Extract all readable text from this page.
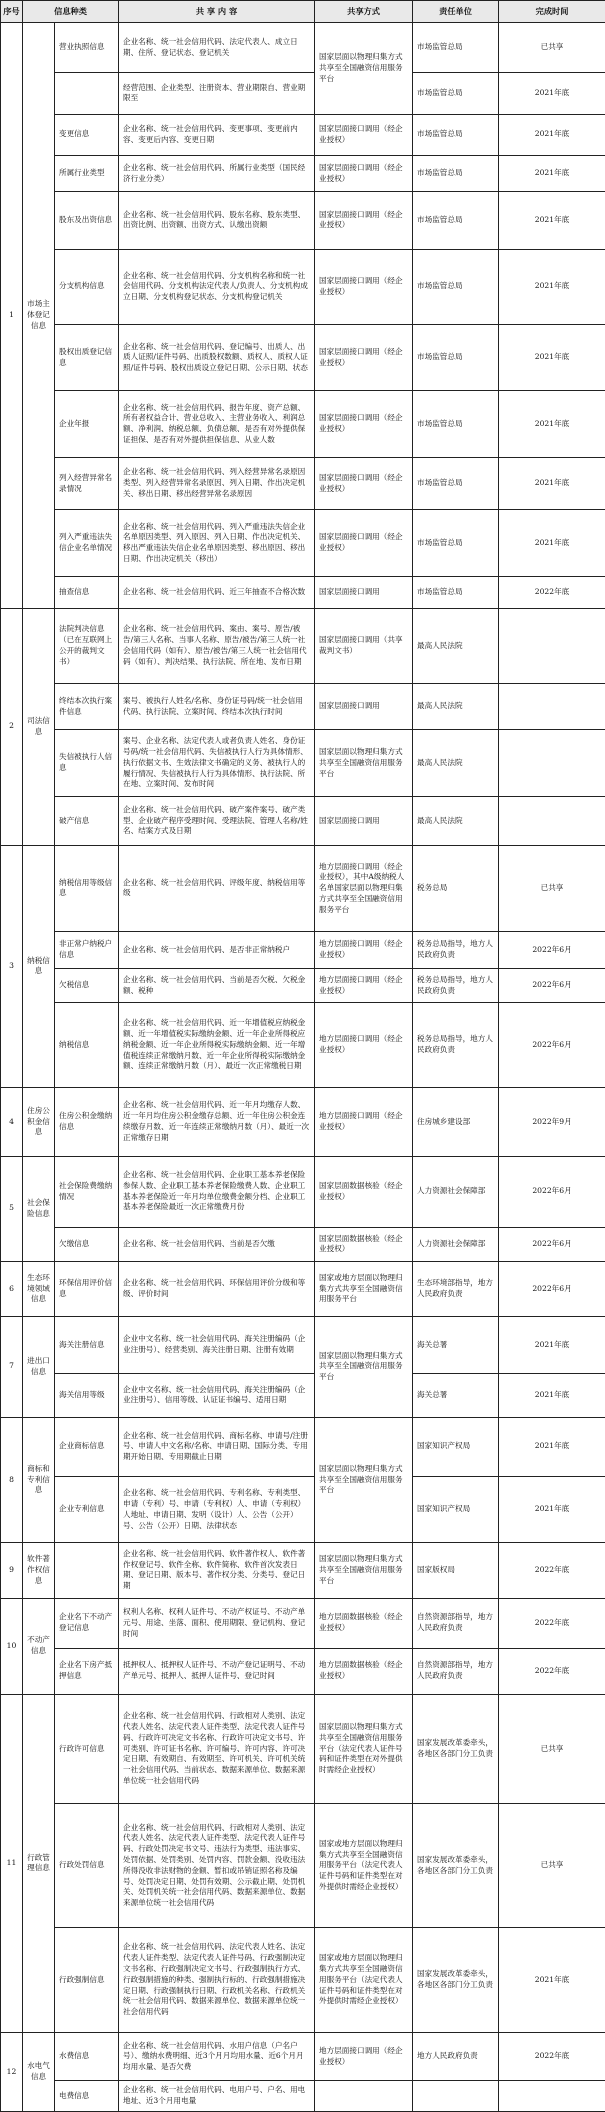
序号	信息种类		共 享 内 容	共享方式	责任单位	完成时间
1	市场主体登记信息	营业执照信息	企业名称、统一社会信用代码、法定代表人、成立日期、住所、登记状态、登记机关	国家层面以物理归集方式共享至全国融资信用服务平台	市场监管总局	已共享
			经营范围、企业类型、注册资本、营业期限自、营业期限至		市场监管总局	2021年底
		变更信息	企业名称、统一社会信用代码、变更事项、变更前内容、变更后内容、变更日期	国家层面接口调用（经企业授权）	市场监管总局	2021年底
		所属行业类型	企业名称、统一社会信用代码、所属行业类型（国民经济行业分类）	国家层面接口调用（经企业授权）	市场监管总局	2021年底
		股东及出资信息	企业名称、统一社会信用代码、股东名称、股东类型、出资比例、出资额、出资方式、认缴出资额	国家层面接口调用（经企业授权）	市场监管总局	2021年底
		分支机构信息	企业名称、统一社会信用代码、分支机构名称和统一社会信用代码、分支机构法定代表人/负责人、分支机构成立日期、分支机构登记状态、分支机构登记机关	国家层面接口调用（经企业授权）	市场监管总局	2021年底
		股权出质登记信息	企业名称、统一社会信用代码、登记编号、出质人、出质人证照/证件号码、出质股权数额、质权人、质权人证照/证件号码、股权出质设立登记日期、公示日期、状态	国家层面接口调用（经企业授权）	市场监管总局	2021年底
		企业年报	企业名称、统一社会信用代码、报告年度、资产总额、所有者权益合计、营业总收入、主营业务收入、利润总额、净利润、纳税总额、负债总额、是否有对外提供保证担保、是否有对外提供担保信息、从业人数	国家层面接口调用（经企业授权）	市场监管总局	2021年底
		列入经营异常名录情况	企业名称、统一社会信用代码、列入经营异常名录原因类型、列入经营异常名录原因、列入日期、作出决定机关、移出日期、移出经营异常名录原因	国家层面接口调用（经企业授权）	市场监管总局	2021年底
		列入严重违法失信企业名单情况	企业名称、统一社会信用代码、列入严重违法失信企业名单原因类型、列入原因、列入日期、作出决定机关、移出严重违法失信企业名单原因类型、移出原因、移出日期、作出决定机关（移出）	国家层面接口调用（经企业授权）	市场监管总局	2021年底
		抽查信息	企业名称、统一社会信用代码、近三年抽查不合格次数	国家层面接口调用	市场监管总局	2022年底
2	司法信息	法院判决信息（已在互联网上公开的裁判文书）	企业名称、统一社会信用代码、案由、案号、原告/被告/第三人名称、当事人名称、原告/被告/第三人统一社会信用代码（如有）、原告/被告/第三人统一社会信用代码（如有）、判决结果、执行法院、所在地、发布日期	国家层面接口调用（共享裁判文书）	最高人民法院	
		终结本次执行案件信息	案号、被执行人姓名/名称、身份证号码/统一社会信用代码、执行法院、立案时间、终结本次执行时间	国家层面接口调用	最高人民法院	
		失信被执行人信息	案号、企业名称、法定代表人或者负责人姓名、身份证号码/统一社会信用代码、失信被执行人行为具体情形、执行依据文书、生效法律文书确定的义务、被执行人的履行情况、失信被执行人行为具体情形、执行法院、所在地、立案时间、发布时间	国家层面以物理归集方式共享至全国融资信用服务平台	最高人民法院	
		破产信息	企业名称、统一社会信用代码、破产案件案号、破产类型、企业破产程序受理时间、受理法院、管理人名称/姓名、结案方式及日期	国家层面接口调用	最高人民法院	
3	纳税信息	纳税信用等级信息	企业名称、统一社会信用代码、评级年度、纳税信用等级	地方层面接口调用（经企业授权），其中A级纳税人名单国家层面以物理归集方式共享至全国融资信用服务平台	税务总局	已共享
		非正常户纳税户信息	企业名称、统一社会信用代码、是否非正常纳税户	地方层面接口调用（经企业授权）	税务总局指导，地方人民政府负责	2022年6月
		欠税信息	企业名称、统一社会信用代码、当前是否欠税、欠税金额、税种	地方层面接口调用（经企业授权）	税务总局指导，地方人民政府负责	2022年6月
		纳税信息	企业名称、统一社会信用代码、近一年增值税应纳税金额、近一年增值税实际缴纳金额、近一年企业所得税应纳税金额、近一年企业所得税实际缴纳金额、近一年增值税连续正常缴纳月数、近一年企业所得税实际缴纳金额、连续正常缴纳月数（月）、最近一次正常缴税日期	地方层面接口调用（经企业授权）	税务总局指导，地方人民政府负责	2022年6月
4	住房公积金信息	住房公积金缴纳信息	企业名称、统一社会信用代码、近一年月均缴存人数、近一年月均住房公积金缴存总额、近一年住房公积金连续缴存月数、近一年连续正常缴纳月数（月）、最近一次正常缴存日期	地方层面接口调用（经企业授权）	住房城乡建设部	2022年9月
5	社会保险信息	社会保险费缴纳情况	企业名称、统一社会信用代码、企业职工基本养老保险参保人数、企业职工基本养老保险缴费人数、企业职工基本养老保险近一年月均单位缴费金额分档、企业职工基本养老保险最近一次正常缴费月份	国家层面数据核验（经企业授权）	人力资源社会保障部	2022年6月
		欠缴信息	企业名称、统一社会信用代码、当前是否欠缴	国家层面数据核验（经企业授权）	人力资源社会保障部	2022年6月
6	生态环境领域信息	环保信用评价信息	企业名称、统一社会信用代码、环保信用评价分级和等级、评价时间	国家或地方层面以物理归集方式共享至全国融资信用服务平台	生态环境部指导，地方人民政府负责	2022年6月
7	进出口信息	海关注册信息	企业中文名称、统一社会信用代码、海关注册编码（企业注册号）、经营类别、海关注册日期、注册有效期	国家层面以物理归集方式共享至全国融资信用服务平台	海关总署	2021年底
		海关信用等级	企业中文名称、统一社会信用代码、海关注册编码（企业注册号）、信用等级、认证证书编号、适用日期		海关总署	2021年底
8	商标和专利信息	企业商标信息	企业名称、统一社会信用代码、商标名称、申请号/注册号、申请人中文名称/名称、申请日期、国际分类、专用期开始日期、专用期截止日期	国家层面以物理归集方式共享至全国融资信用服务平台	国家知识产权局	2021年底
		企业专利信息	企业名称、统一社会信用代码、专利名称、专利类型、申请（专利）号、申请（专利权）人、申请（专利权）人地址、申请日期、发明（设计）人、公告（公开）号、公告（公开）日期、法律状态		国家知识产权局	2021年底
9	软件著作权信息		企业名称、统一社会信用代码、软件著作权人、软件著作权登记号、软件全称、软件简称、软件首次发表日期、登记日期、版本号、著作权分类、分类号、登记日期	国家层面以物理归集方式共享至全国融资信用服务平台	国家版权局	2022年底
10	不动产信息	企业名下不动产登记信息	权利人名称、权利人证件号、不动产权证号、不动产单元号、用途、坐落、面积、使用期限、登记机构、登记时间	地方层面数据核验（经企业授权）	自然资源部指导，地方人民政府负责	2022年底
		企业名下房产抵押信息	抵押权人、抵押权人证件号、不动产登记证明号、不动产单元号、抵押人、抵押人证件号、登记时间	地方层面数据核验（经企业授权）	自然资源部指导，地方人民政府负责	2022年底
11	行政管理信息	行政许可信息	企业名称、统一社会信用代码、行政相对人类别、法定代表人姓名、法定代表人证件类型、法定代表人证件号码、行政许可决定文书名称、行政许可决定文书号、许可类别、许可证书名称、许可编号、许可内容、许可决定日期、有效期自、有效期至、许可机关、许可机关统一社会信用代码、当前状态、数据来源单位、数据来源单位统一社会信用代码	国家层面以物理归集方式共享至全国融资信用服务平台（法定代表人证件号码和证件类型在对外提供时需经企业授权）	国家发展改革委牵头，各地区各部门分工负责	已共享
		行政处罚信息	企业名称、统一社会信用代码、行政相对人类别、法定代表人姓名、法定代表人证件类型、法定代表人证件号码、行政处罚决定书文号、违法行为类型、违法事实、处罚依据、处罚类别、处罚内容、罚款金额、没收违法所得没收非法财物的金额、暂扣或吊销证照名称及编号、处罚决定日期、处罚有效期、公示截止期、处罚机关、处罚机关统一社会信用代码、数据来源单位、数据来源单位统一社会信用代码	国家或地方层面以物理归集方式共享至全国融资信用服务平台（法定代表人证件号码和证件类型在对外提供时需经企业授权）	国家发展改革委牵头，各地区各部门分工负责	已共享
		行政强制信息	企业名称、统一社会信用代码、法定代表人姓名、法定代表人证件类型、法定代表人证件号码、行政强制决定文书名称、行政强制决定文书号、行政强制执行方式、行政强制措施的种类、强制执行标的、行政强制措施决定日期、行政强制执行日期、行政机关名称、行政机关统一社会信用代码、数据来源单位、数据来源单位统一社会信用代码	国家或地方层面以物理归集方式共享至全国融资信用服务平台（法定代表人证件号码和证件类型在对外提供时需经企业授权）	国家发展改革委牵头，各地区各部门分工负责	2021年底
12	水电气信息	水费信息	企业名称、统一社会信用代码、水用户信息（户名户号）、缴纳水费明细、近3个月月均用水量、近6个月月均用水量、是否欠费	地方层面接口调用（经企业授权）	地方人民政府负责	2022年底
		电费信息	企业名称、统一社会信用代码、电用户号、户名、用电地址、近3个月用电量			
